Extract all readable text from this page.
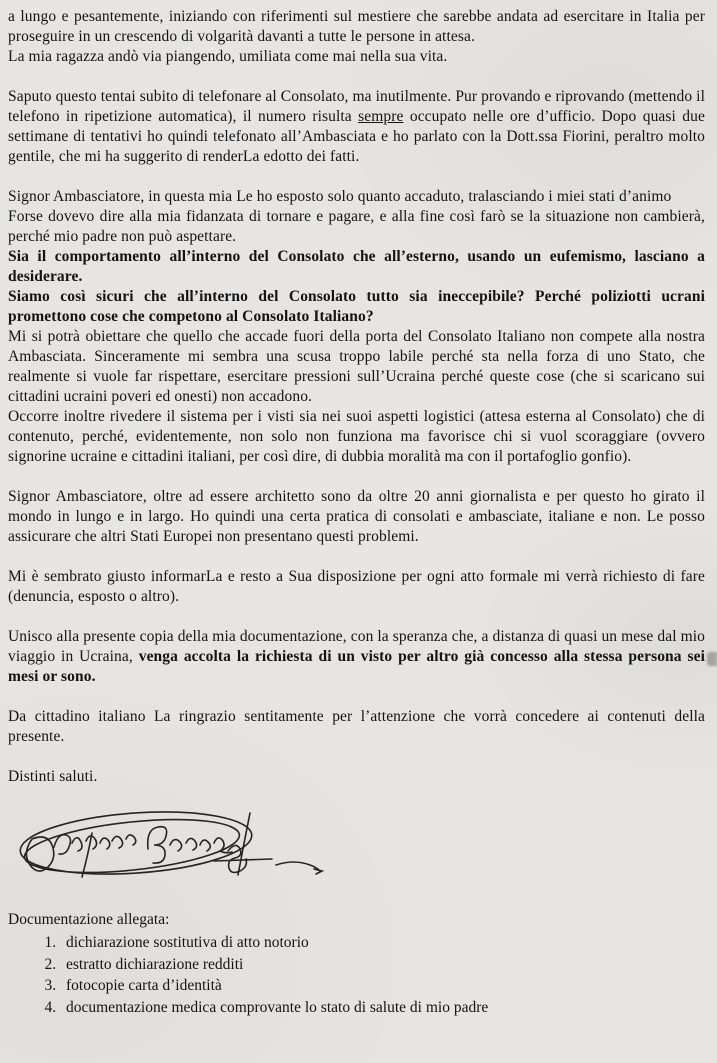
a lungo e pesantemente, iniziando con riferimenti sul mestiere che sarebbe andata ad esercitare in Italia per proseguire in un crescendo di volgarità davanti a tutte le persone in attesa.

La mia ragazza andò via piangendo, umiliata come mai nella sua vita.

Saputo questo tentai subito di telefonare al Consolato, ma inutilmente. Pur provando e riprovando (mettendo il telefono in ripetizione automatica), il numero risulta sempre occupato nelle ore d’ufficio. Dopo quasi due settimane di tentativi ho quindi telefonato all’Ambasciata e ho parlato con la Dott.ssa Fiorini, peraltro molto gentile, che mi ha suggerito di renderLa edotto dei fatti.

Signor Ambasciatore, in questa mia Le ho esposto solo quanto accaduto, tralasciando i miei stati d’animo

Forse dovevo dire alla mia fidanzata di tornare e pagare, e alla fine così farò se la situazione non cambierà, perché mio padre non può aspettare.

Sia il comportamento all’interno del Consolato che all’esterno, usando un eufemismo, lasciano a desiderare.

Siamo così sicuri che all’interno del Consolato tutto sia ineccepibile? Perché poliziotti ucrani promettono cose che competono al Consolato Italiano?

Mi si potrà obiettare che quello che accade fuori della porta del Consolato Italiano non compete alla nostra Ambasciata. Sinceramente mi sembra una scusa troppo labile perché sta nella forza di uno Stato, che realmente si vuole far rispettare, esercitare pressioni sull’Ucraina perché queste cose (che si scaricano sui cittadini ucraini poveri ed onesti) non accadono.

Occorre inoltre rivedere il sistema per i visti sia nei suoi aspetti logistici (attesa esterna al Consolato) che di contenuto, perché, evidentemente, non solo non funziona ma favorisce chi si vuol scoraggiare (ovvero signorine ucraine e cittadini italiani, per così dire, di dubbia moralità ma con il portafoglio gonfio).

Signor Ambasciatore, oltre ad essere architetto sono da oltre 20 anni giornalista e per questo ho girato il mondo in lungo e in largo. Ho quindi una certa pratica di consolati e ambasciate, italiane e non. Le posso assicurare che altri Stati Europei non presentano questi problemi.

Mi è sembrato giusto informarLa e resto a Sua disposizione per ogni atto formale mi verrà richiesto di fare (denuncia, esposto o altro).

Unisco alla presente copia della mia documentazione, con la speranza che, a distanza di quasi un mese dal mio viaggio in Ucraina, venga accolta la richiesta di un visto per altro già concesso alla stessa persona sei mesi or sono.

Da cittadino italiano La ringrazio sentitamente per l’attenzione che vorrà concedere ai contenuti della presente.

Distinti saluti.

Documentazione allegata:

1. dichiarazione sostitutiva di atto notorio
2. estratto dichiarazione redditi
3. fotocopie carta d’identità
4. documentazione medica comprovante lo stato di salute di mio padre
